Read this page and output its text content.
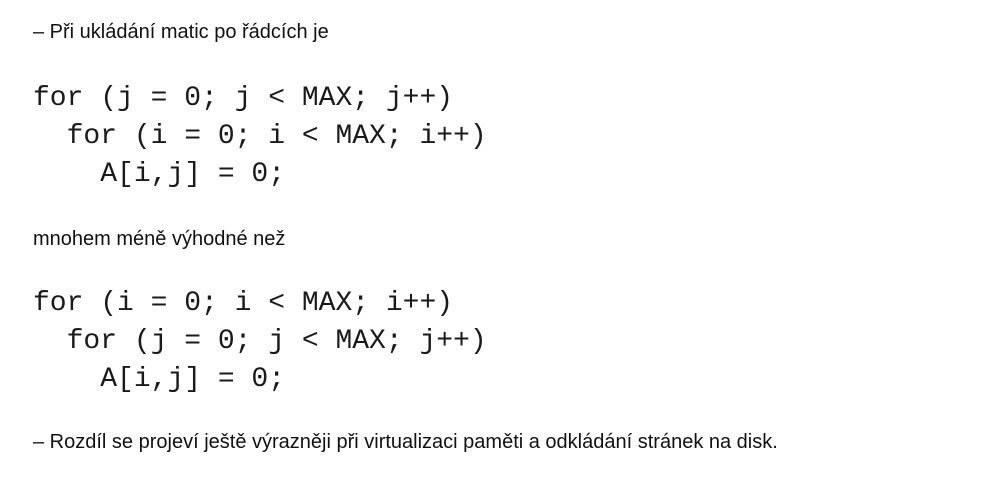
– Při ukládání matic po řádcích je
for (j = 0; j < MAX; j++)
for (i = 0; i < MAX; i++)
A[i,j] = 0;
mnohem méně výhodné než
for (i = 0; i < MAX; i++)
for (j = 0; j < MAX; j++)
A[i,j] = 0;
– Rozdíl se projeví ještě výrazněji při virtualizaci paměti a odkládání stránek na disk.
